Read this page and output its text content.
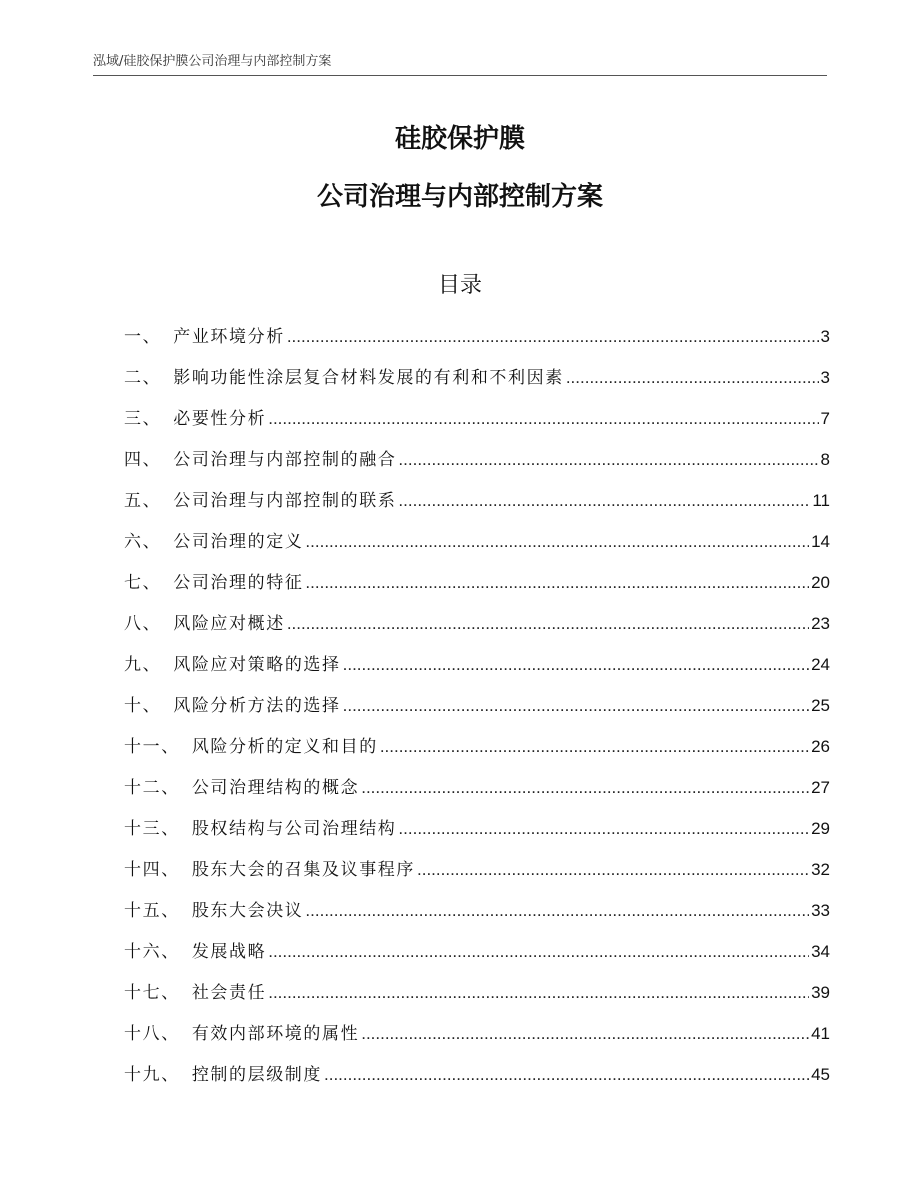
泓域/硅胶保护膜公司治理与内部控制方案
硅胶保护膜
公司治理与内部控制方案
目录
一 、 产业环境分析 .....	3
二 、 影响功能性涂层复合材料发展的有利和不利因素 .....	3
三 、 必要性分析 .....	7
四 、 公司治理与内部控制的融合 .....	8
五 、 公司治理与内部控制的联系 .....	11
六 、 公司治理的定义 .....	14
七 、 公司治理的特征 .....	20
八 、 风险应对概述 .....	23
九 、 风险应对策略的选择 .....	24
十 、 风险分析方法的选择 .....	25
十一 、 风险分析的定义和目的 .....	26
十二 、 公司治理结构的概念 .....	27
十三 、 股权结构与公司治理结构 .....	29
十四 、 股东大会的召集及议事程序 .....	32
十五 、 股东大会决议 .....	33
十六 、 发展战略 .....	34
十七 、 社会责任 .....	39
十八 、 有效内部环境的属性 .....	41
十九 、 控制的层级制度 .....	45
